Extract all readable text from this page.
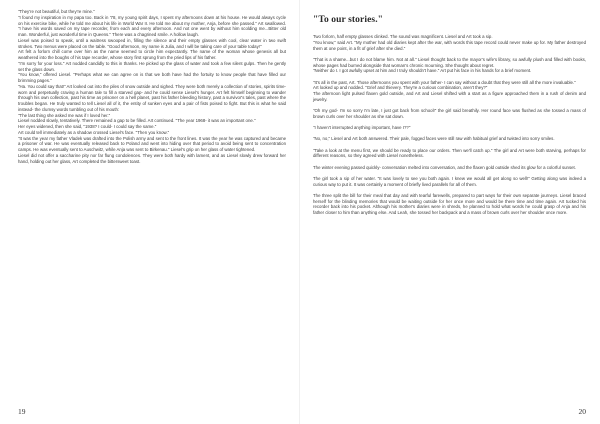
"They're not beautiful, but they're mine."

"I found my inspiration in my papa too. Back in '78, my young spirit days, I spent my afternoons down at his house. He would always cycle on his exercise bike, while he told me about his life in World War II. He told me about my mother, Anja, before she passed." Art swallowed. "I have his words saved on my tape recorder, from each and every afternoon. And not one went by without him scolding me...Bitter old man. Wonderful, just wonderful time in Queens." There was a chagrined smile. A hollow laugh.

Liesel was poised to speak, until a waitress swooped in, filling the silence and their empty glasses with cool, clear water in two swift strokes. Two menus were placed on the table. "Good afternoon, my name is Julia, and I will be taking care of your table today!"

Art felt a forlorn chill come over him as the name seemed to circle him expectantly. The name of the woman whose genesis all but weathered into the boughs of his tape recorder, whose story first sprung from the pried lips of his father.

"I'm sorry for your loss." Art nodded candidly to this in thanks. He picked up the glass of water and took a few silent gulps. Then he gently set the glass down.

"You know," offered Liesel. "Perhaps what we can agree on is that we both have had the fortuity to know people that have filled our brimming pages."

"Ha. You could say that!" Art looked out into the piles of snow outside and sighed. They were both merely a collection of stories, spirits time-worn and perpetually craving a human tale to fill a starved gap- and he could sense Liesel's hunger. Art felt himself beginning to wander through his own collection, past his time as prisoner on a hell planet, past his father bleeding history, past a survivor's tales, past where the troubles began. He truly wanted to tell Liesel all of it, the entity of sunken eyes and a pair of fists poised to fight. But this is what he said instead- the clumsy words tumbling out of his mouth:

"The last thing she asked me was if I loved her."

Liesel nodded slowly, tentatively. There remained a gap to be filled. Art continued. "The year 1968- it was an important one."

Her eyes widened, then she said, "1938? I could- I could say the same."

Art could tell immediately as a shadow crossed Liesel's face. "Then you know."

"It was the year my father Vladek was drafted into the Polish army and sent to the front lines. It was the year he was captured and became a prisoner of war. He was eventually released back to Poland and went into hiding over that period to avoid being sent to concentration camps. He was eventually sent to Auschwitz, while Anja was sent to Birkenau." Liesel's grip on her glass of water tightened.

Liesel did not offer a saccharine pity nor far flung condolences. They were both hardy with lament, and as Liesel slowly drew forward her hand, holding out her glass, Art completed the bittersweet toast.

19
"To our stories."

Two forlorn, half empty glasses clinked. The sound was magnificent. Liesel and Art took a sip.

"You know," said Art. "My mother had old diaries kept after the war, with words this tape record could never make up for. My father destroyed them at one point, in a fit of grief after she died."

"That is a shame...but I do not blame him. Not at all." Liesel thought back to the mayor's wife's library, so awfully plush and filled with books, whose pages had burned alongside that woman's chronic mourning. She thought about regret.

"Neither do I. I got awfully upset at him and I truly shouldn't have." Art put his face in his hands for a brief moment.

"It's all in the past, Art. Those afternoons you spent with your father- I can say without a doubt that they were still all the more invaluable."

Art looked up and nodded. "Grief and thievery. They're a curious combination, aren't they?"

The afternoon light pulsed flaxen gold outside, and Art and Liesel shifted with a start as a figure approached them in a rush of denim and jewelry.

"Oh my god- I'm so sorry I'm late, I just got back from school!" the girl said breathily. Her round face was flushed as she tossed a mass of brown curls over her shoulder as she sat down.

"I haven't interrupted anything important, have I??"

"No, no," Liesel and Art both answered. Their pale, fogged faces were still raw with habitual grief and twisted into sorry smiles.

"Take a look at the menu first, we should be ready to place our orders. Then we'll catch up." The girl and Art were both starving, perhaps for different reasons, so they agreed with Liesel nonetheless.

The winter evening passed quickly- conversation melted into conversation, and the flaxen gold outside shed its glow for a colorful sunset.

The girl took a sip of her water. "It was lovely to see you both again. I knew we would all get along so well!" Getting along was indeed a curious way to put it. It was certainly a moment of briefly lived parallels for all of them.

The three split the bill for their meal that day and with tearful farewells, prepared to part ways for their own separate journeys. Liesel braced herself for the blinding memories that would be waiting outside for her once more and would be there time and time again. Art tucked his recorder back into his pocket. Although his mother's diaries were in shreds, he planned to hold what words he could grasp of Anja and his father closer to him than anything else. And Leah, she tossed her backpack and a mass of brown curls over her shoulder once more.

20
